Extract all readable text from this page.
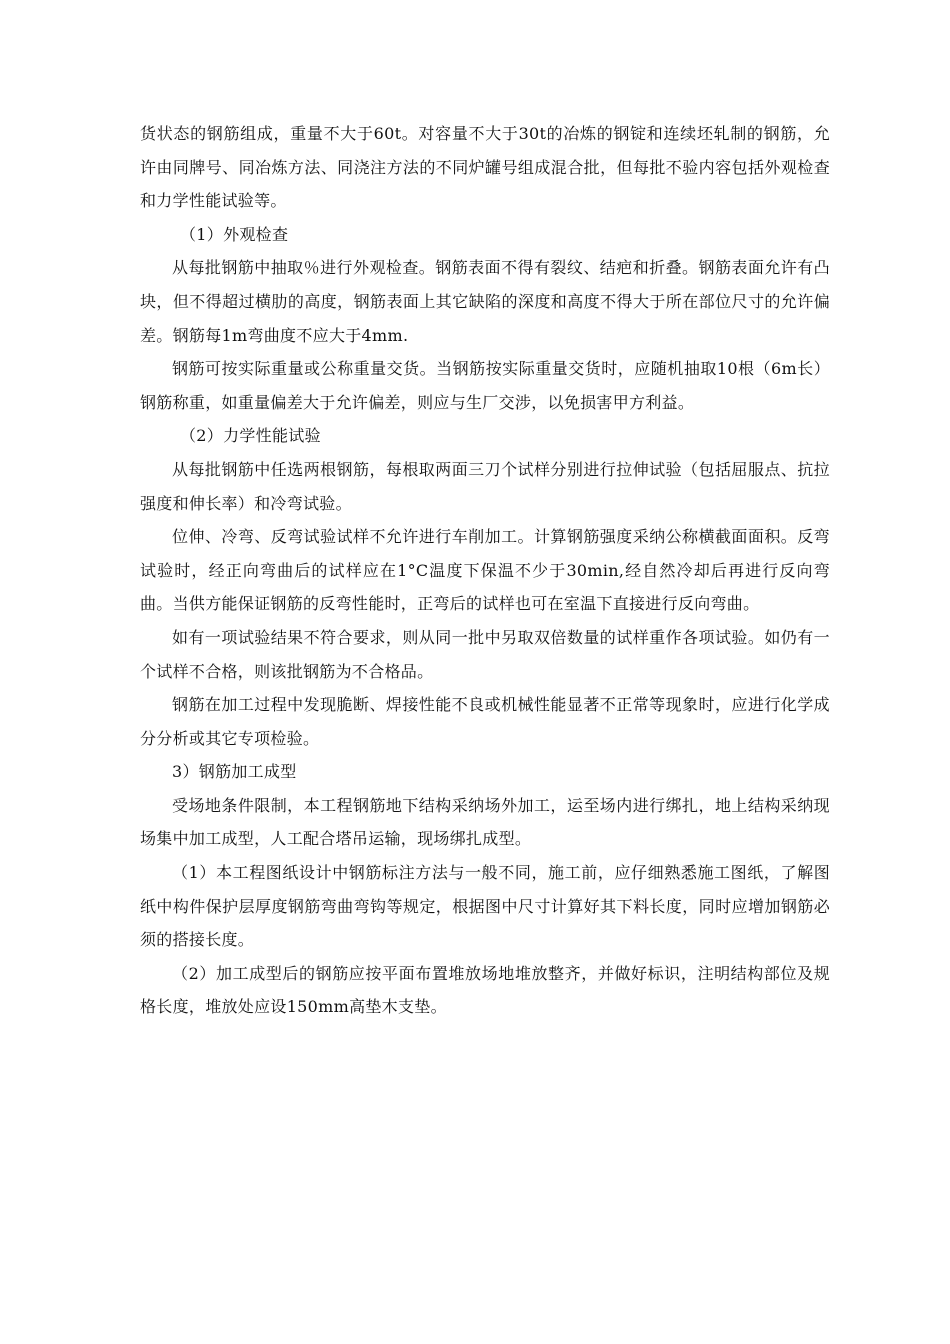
货状态的钢筋组成，重量不大于60t。对容量不大于30t的冶炼的钢锭和连续坯轧制的钢筋，允许由同牌号、同冶炼方法、同浇注方法的不同炉罐号组成混合批，但每批不验内容包括外观检查和力学性能试验等。

（1）外观检查

从每批钢筋中抽取％进行外观检查。钢筋表面不得有裂纹、结疤和折叠。钢筋表面允许有凸块，但不得超过横肋的高度，钢筋表面上其它缺陷的深度和高度不得大于所在部位尺寸的允许偏差。钢筋每1m弯曲度不应大于4mm.

钢筋可按实际重量或公称重量交货。当钢筋按实际重量交货时，应随机抽取10根（6m长）钢筋称重，如重量偏差大于允许偏差，则应与生厂交涉，以免损害甲方利益。

（2）力学性能试验

从每批钢筋中任选两根钢筋，每根取两面三刀个试样分别进行拉伸试验（包括屈服点、抗拉强度和伸长率）和冷弯试验。

位伸、冷弯、反弯试验试样不允许进行车削加工。计算钢筋强度采纳公称横截面面积。反弯试验时，经正向弯曲后的试样应在1°C温度下保温不少于30min,经自然冷却后再进行反向弯曲。当供方能保证钢筋的反弯性能时，正弯后的试样也可在室温下直接进行反向弯曲。

如有一项试验结果不符合要求，则从同一批中另取双倍数量的试样重作各项试验。如仍有一个试样不合格，则该批钢筋为不合格品。

钢筋在加工过程中发现脆断、焊接性能不良或机械性能显著不正常等现象时，应进行化学成分分析或其它专项检验。

3）钢筋加工成型

受场地条件限制，本工程钢筋地下结构采纳场外加工，运至场内进行绑扎，地上结构采纳现场集中加工成型，人工配合塔吊运输，现场绑扎成型。

（1）本工程图纸设计中钢筋标注方法与一般不同，施工前，应仔细熟悉施工图纸，了解图纸中构件保护层厚度钢筋弯曲弯钩等规定，根据图中尺寸计算好其下料长度，同时应增加钢筋必须的搭接长度。

（2）加工成型后的钢筋应按平面布置堆放场地堆放整齐，并做好标识，注明结构部位及规格长度，堆放处应设150mm高垫木支垫。
